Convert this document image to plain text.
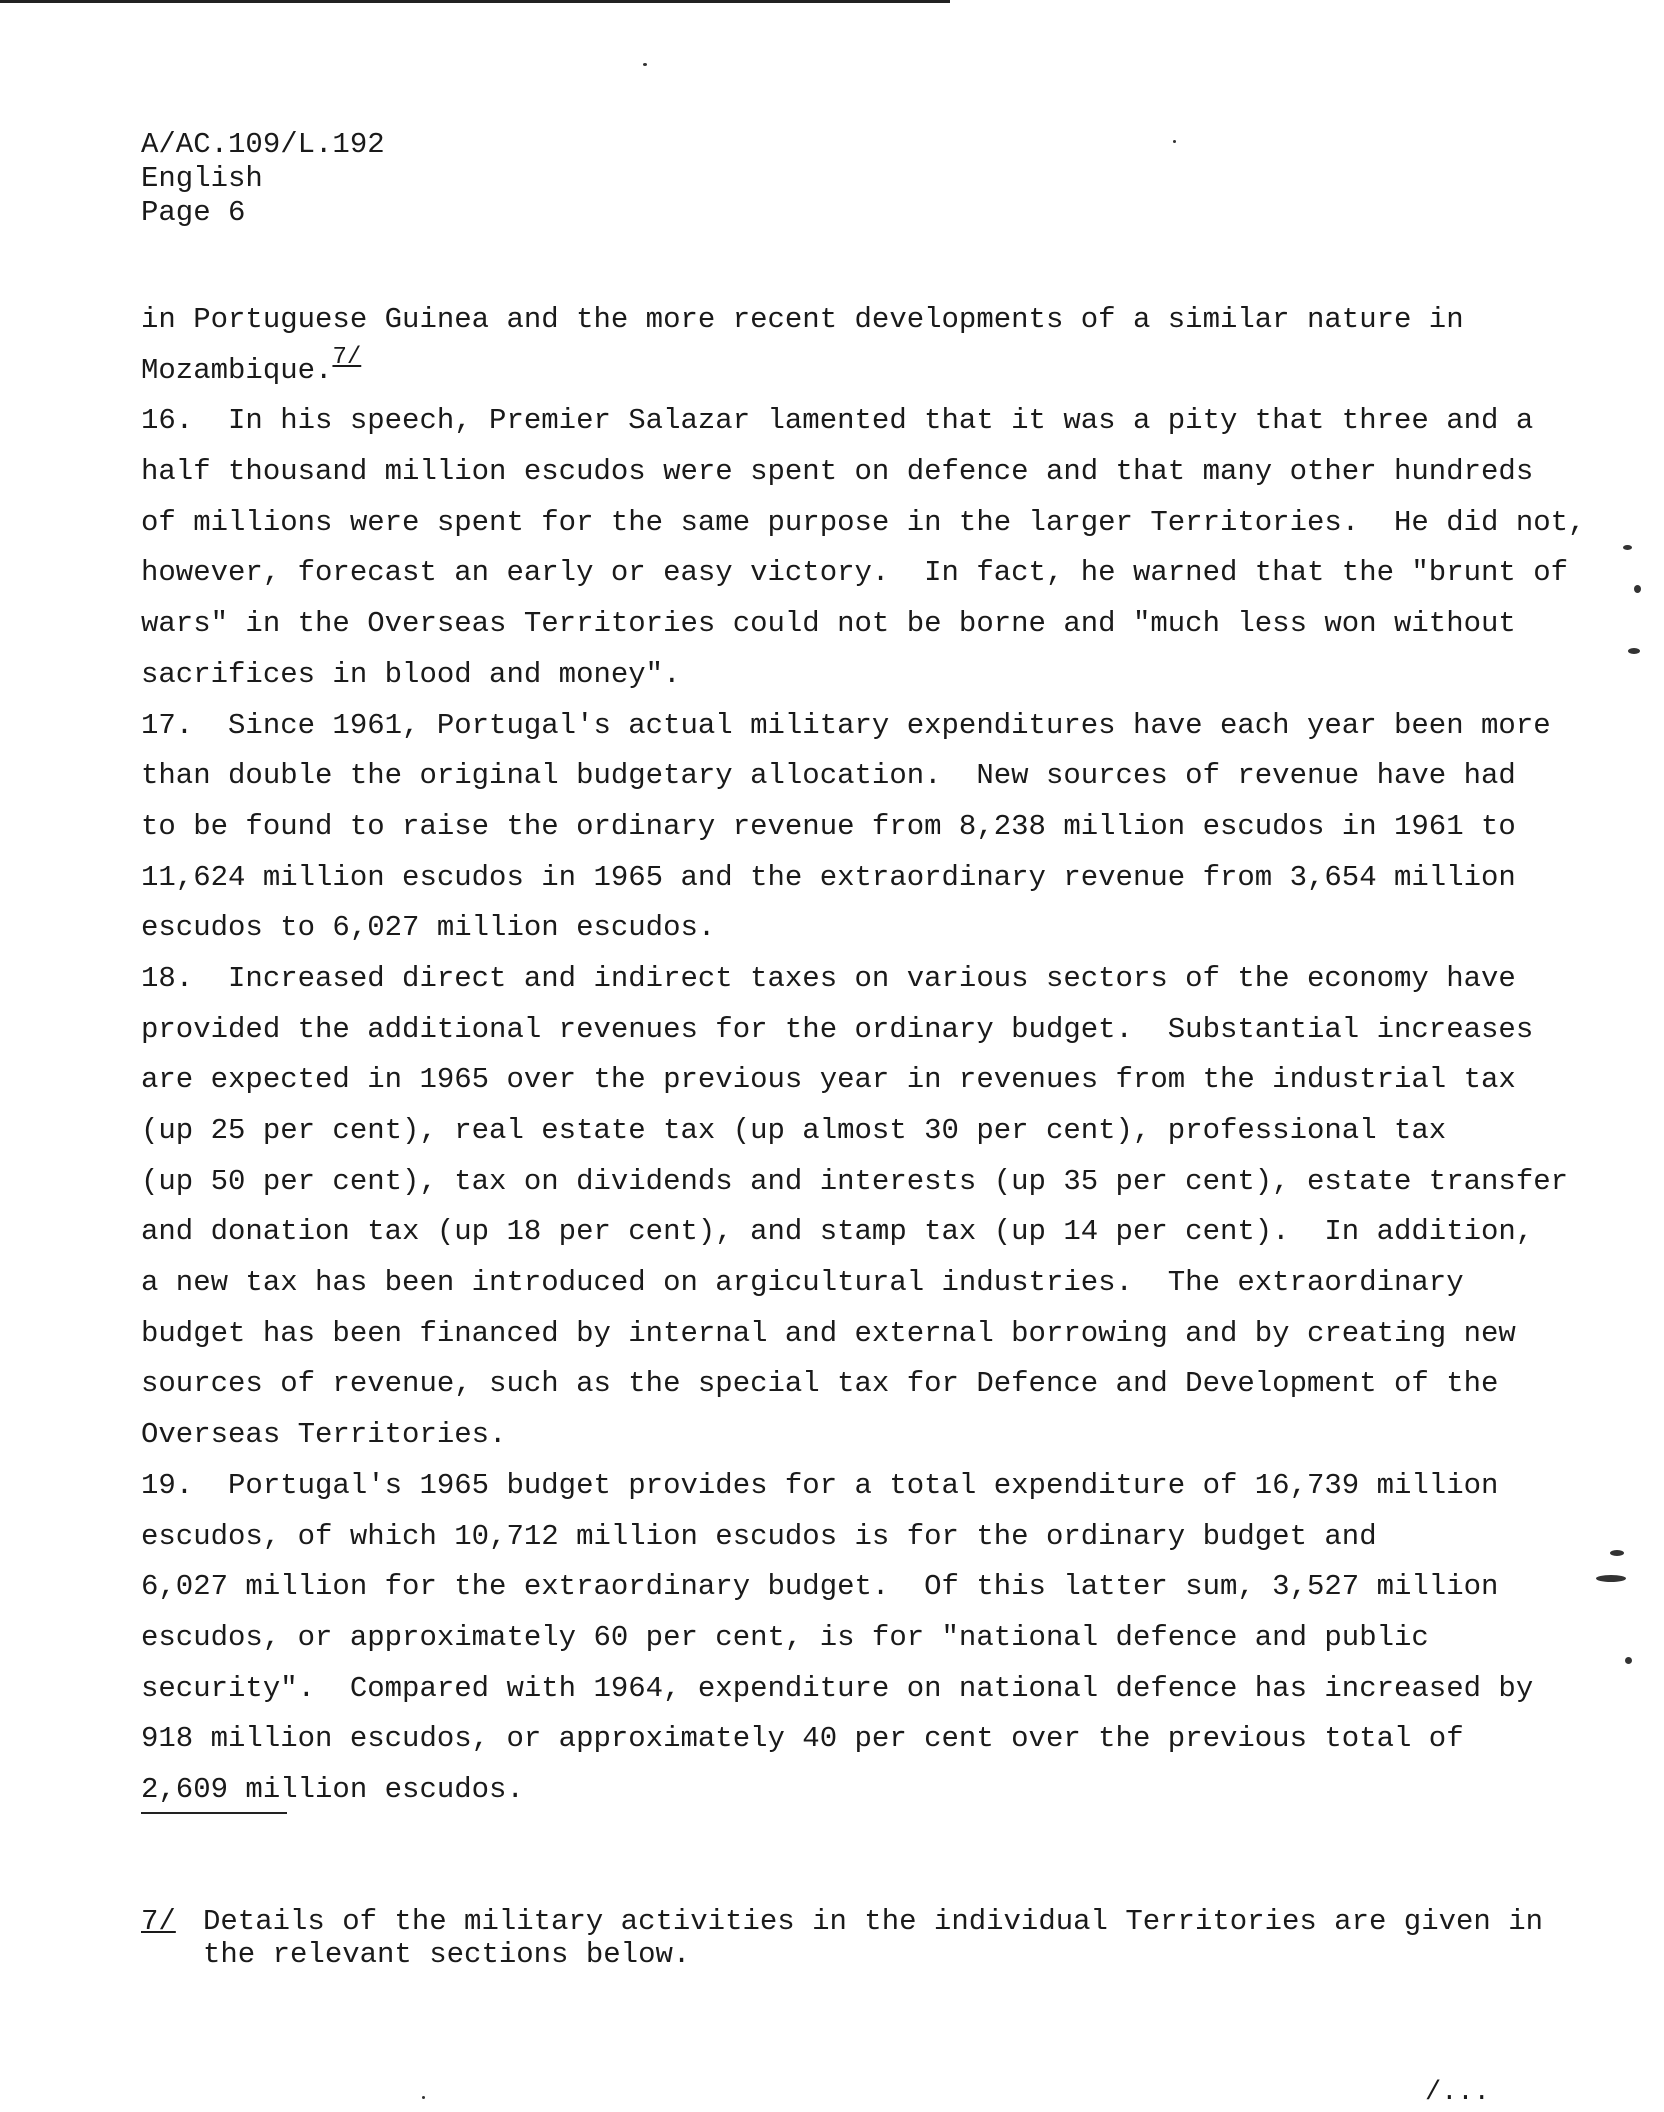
A/AC.109/L.192
English
Page 6
in Portuguese Guinea and the more recent developments of a similar nature in
Mozambique.$^{7/}$
16.  In his speech, Premier Salazar lamented that it was a pity that three and a
half thousand million escudos were spent on defence and that many other hundreds
of millions were spent for the same purpose in the larger Territories.  He did not,
however, forecast an early or easy victory.  In fact, he warned that the "brunt of
wars" in the Overseas Territories could not be borne and "much less won without
sacrifices in blood and money".
17.  Since 1961, Portugal's actual military expenditures have each year been more
than double the original budgetary allocation.  New sources of revenue have had
to be found to raise the ordinary revenue from 8,238 million escudos in 1961 to
11,624 million escudos in 1965 and the extraordinary revenue from 3,654 million
escudos to 6,027 million escudos.
18.  Increased direct and indirect taxes on various sectors of the economy have
provided the additional revenues for the ordinary budget.  Substantial increases
are expected in 1965 over the previous year in revenues from the industrial tax
(up 25 per cent), real estate tax (up almost 30 per cent), professional tax
(up 50 per cent), tax on dividends and interests (up 35 per cent), estate transfer
and donation tax (up 18 per cent), and stamp tax (up 14 per cent).  In addition,
a new tax has been introduced on argicultural industries.  The extraordinary
budget has been financed by internal and external borrowing and by creating new
sources of revenue, such as the special tax for Defence and Development of the
Overseas Territories.
19.  Portugal's 1965 budget provides for a total expenditure of 16,739 million
escudos, of which 10,712 million escudos is for the ordinary budget and
6,027 million for the extraordinary budget.  Of this latter sum, 3,527 million
escudos, or approximately 60 per cent, is for "national defence and public
security".  Compared with 1964, expenditure on national defence has increased by
918 million escudos, or approximately 40 per cent over the previous total of
2,609 million escudos.
7/ Details of the military activities in the individual Territories are given in
the relevant sections below.
/...
